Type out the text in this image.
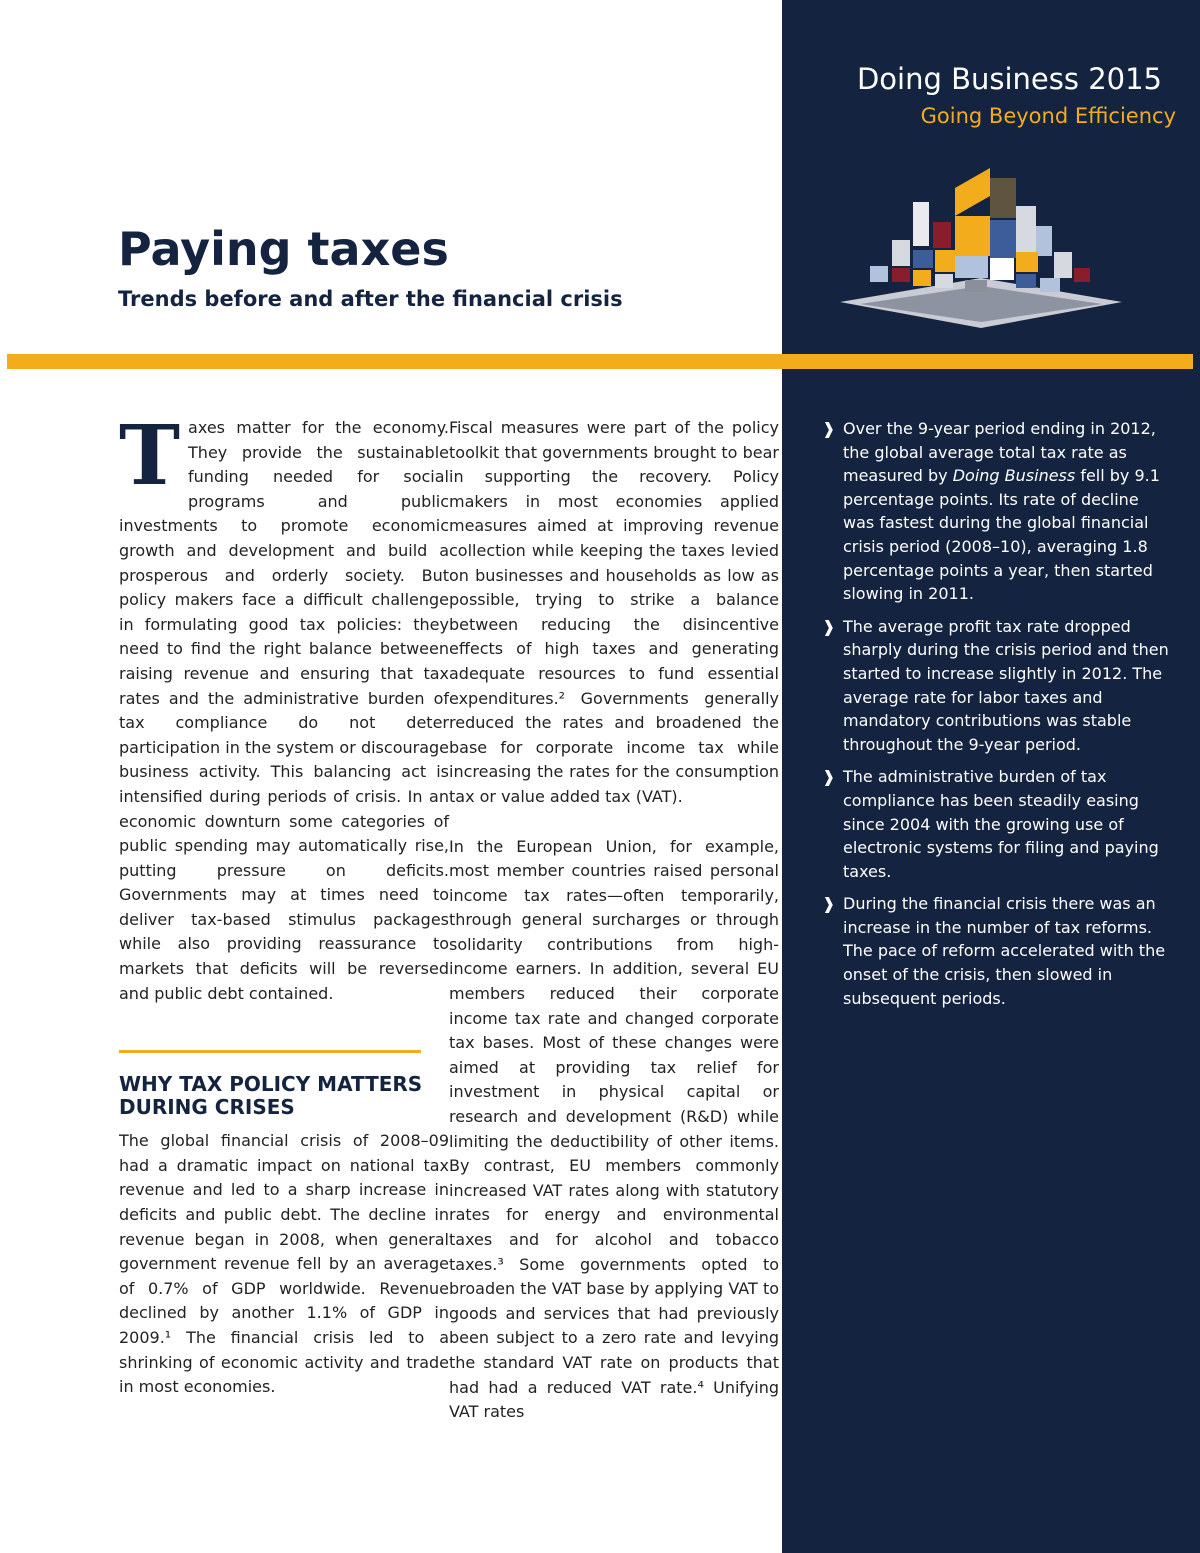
Doing Business 2015
Going Beyond Efficiency
Paying taxes
Trends before and after the financial crisis
T axes matter for the economy. They provide the sustainable funding needed for social programs and public investments to promote economic growth and development and build a prosperous and orderly society. But policy makers face a difficult challenge in formulating good tax policies: they need to find the right balance between raising revenue and ensuring that tax rates and the administrative burden of tax compliance do not deter participation in the system or discourage business activity. This balancing act is intensified during periods of crisis. In an economic downturn some categories of public spending may automatically rise, putting pressure on deficits. Governments may at times need to deliver tax-based stimulus packages while also providing reassurance to markets that deficits will be reversed and public debt contained.

WHY TAX POLICY MATTERS DURING CRISES

The global financial crisis of 2008–09 had a dramatic impact on national tax revenue and led to a sharp increase in deficits and public debt. The decline in revenue began in 2008, when general government revenue fell by an average of 0.7% of GDP worldwide. Revenue declined by another 1.1% of GDP in 2009.¹ The financial crisis led to a shrinking of economic activity and trade in most economies.

Fiscal measures were part of the policy toolkit that governments brought to bear in supporting the recovery. Policy makers in most economies applied measures aimed at improving revenue collection while keeping the taxes levied on businesses and households as low as possible, trying to strike a balance between reducing the disincentive effects of high taxes and generating adequate resources to fund essential expenditures.² Governments generally reduced the rates and broadened the base for corporate income tax while increasing the rates for the consumption tax or value added tax (VAT).

In the European Union, for example, most member countries raised personal income tax rates—often temporarily, through general surcharges or through solidarity contributions from high-income earners. In addition, several EU members reduced their corporate income tax rate and changed corporate tax bases. Most of these changes were aimed at providing tax relief for investment in physical capital or research and development (R&D) while limiting the deductibility of other items. By contrast, EU members commonly increased VAT rates along with statutory rates for energy and environmental taxes and for alcohol and tobacco taxes.³ Some governments opted to broaden the VAT base by applying VAT to goods and services that had previously been subject to a zero rate and levying the standard VAT rate on products that had had a reduced VAT rate.⁴ Unifying VAT rates

❱ Over the 9-year period ending in 2012, the global average total tax rate as measured by Doing Business fell by 9.1 percentage points. Its rate of decline was fastest during the global financial crisis period (2008–10), averaging 1.8 percentage points a year, then started slowing in 2011.
❱ The average profit tax rate dropped sharply during the crisis period and then started to increase slightly in 2012. The average rate for labor taxes and mandatory contributions was stable throughout the 9-year period.
❱ The administrative burden of tax compliance has been steadily easing since 2004 with the growing use of electronic systems for filing and paying taxes.
❱ During the financial crisis there was an increase in the number of tax reforms. The pace of reform accelerated with the onset of the crisis, then slowed in subsequent periods.
